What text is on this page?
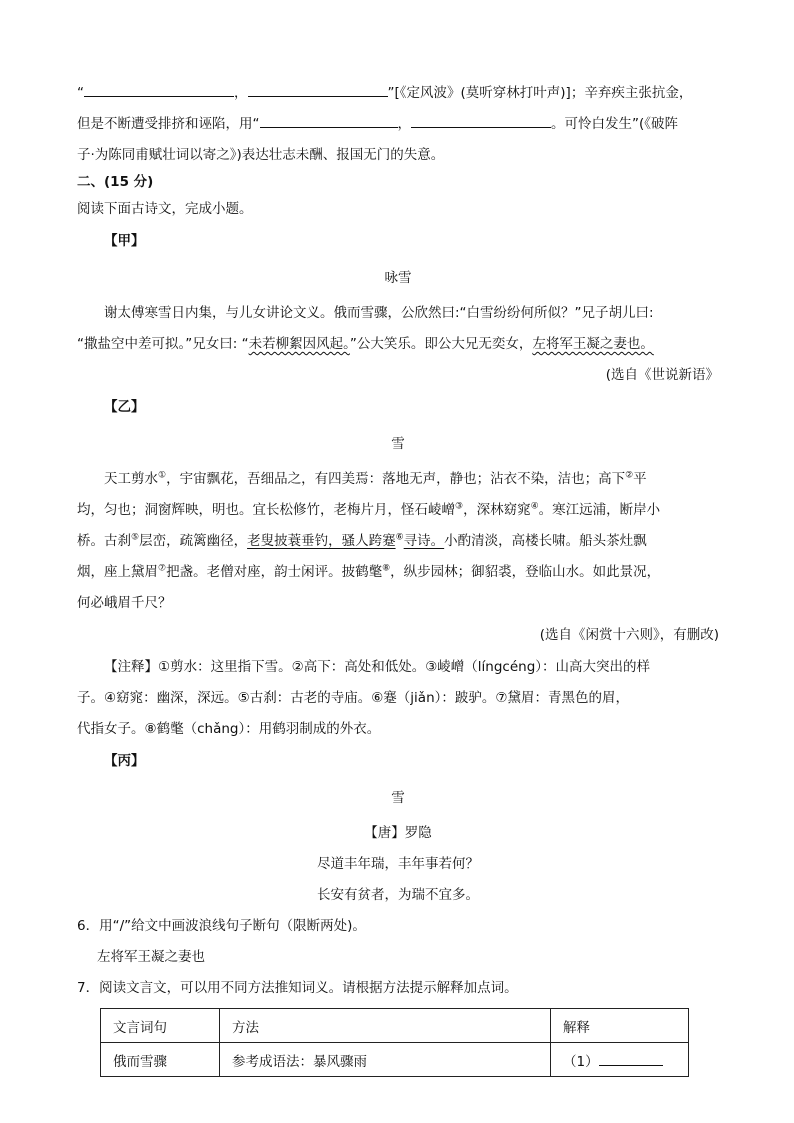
“	，	”[《定风波》(莫听穿林打叶声)]；辛弃疾主张抗金，
但是不断遭受排挤和诬陷，用“	，	。可怜白发生”(《破阵
子·为陈同甫赋壮词以寄之》)表达壮志未酬、报国无门的失意。
二、(15 分)
阅读下面古诗文，完成小题。
【甲】
咏雪
谢太傅寒雪日内集，与儿女讲论文义。俄而雪骤，公欣然曰:“白雪纷纷何所似？”兄子胡儿曰:
“撒盐空中差可拟。”兄女曰: “未若柳絮因风起。”公大笑乐。即公大兄无奕女，左将军王凝之妻也。
(选自《世说新语》
【乙】
雪
天工剪水①，宇宙飘花，吾细品之，有四美焉：落地无声，静也；沾衣不染，洁也；高下②平
均，匀也；洞窗辉映，明也。宜长松修竹，老梅片月，怪石崚嶒③，深林窈窕④。寒江远浦，断岸小
桥。古刹⑤层峦，疏篱幽径，老叟披蓑垂钓，骚人跨蹇⑥寻诗。小酌清淡，高楼长啸。船头茶灶飘
烟，座上黛眉⑦把盏。老僧对座，韵士闲评。披鹤氅⑧，纵步园林；御貂裘，登临山水。如此景况，
何必峨眉千尺？
(选自《闲赏十六则》，有删改)
【注释】①剪水：这里指下雪。②高下：高处和低处。③崚嶒（língcéng）：山高大突出的样
子。④窈窕：幽深，深远。⑤古刹：古老的寺庙。⑥蹇（jiǎn）：跛驴。⑦黛眉：青黑色的眉，
代指女子。⑧鹤氅（chǎng）：用鹤羽制成的外衣。
【丙】
雪
【唐】罗隐
尽道丰年瑞，丰年事若何？
长安有贫者，为瑞不宜多。
6．用“/”给文中画波浪线句子断句（限断两处)。
左将军王凝之妻也
7．阅读文言文，可以用不同方法推知词义。请根据方法提示解释加点词。
文言词句	方法	解释
俄而雪骤	参考成语法：暴风骤雨	（1）
